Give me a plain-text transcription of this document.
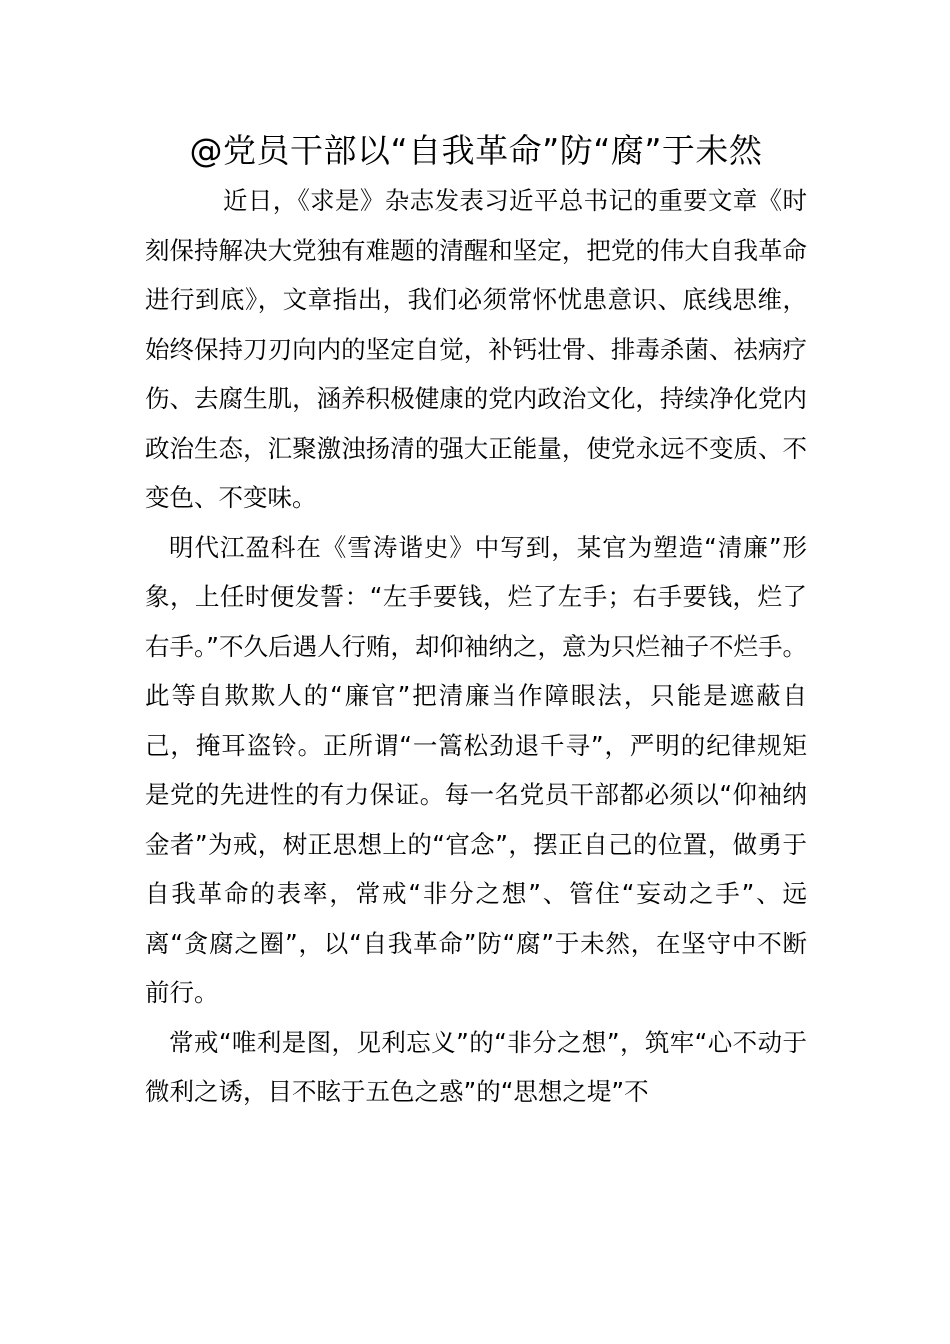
@党员干部以“自我革命”防“腐”于未然

近日，《求是》杂志发表习近平总书记的重要文章《时刻保持解决大党独有难题的清醒和坚定，把党的伟大自我革命进行到底》，文章指出，我们必须常怀忧患意识、底线思维，始终保持刀刃向内的坚定自觉，补钙壮骨、排毒杀菌、祛病疗伤、去腐生肌，涵养积极健康的党内政治文化，持续净化党内政治生态，汇聚激浊扬清的强大正能量，使党永远不变质、不变色、不变味。

明代江盈科在《雪涛谐史》中写到，某官为塑造“清廉”形象，上任时便发誓：“左手要钱，烂了左手；右手要钱，烂了右手。”不久后遇人行贿，却仰袖纳之，意为只烂袖子不烂手。此等自欺欺人的“廉官”把清廉当作障眼法，只能是遮蔽自己，掩耳盗铃。正所谓“一篙松劲退千寻”，严明的纪律规矩是党的先进性的有力保证。每一名党员干部都必须以“仰袖纳金者”为戒，树正思想上的“官念”，摆正自己的位置，做勇于自我革命的表率，常戒“非分之想”、管住“妄动之手”、远离“贪腐之圈”，以“自我革命”防“腐”于未然，在坚守中不断前行。

常戒“唯利是图，见利忘义”的“非分之想”，筑牢“心不动于微利之诱，目不眩于五色之惑”的“思想之堤”不
